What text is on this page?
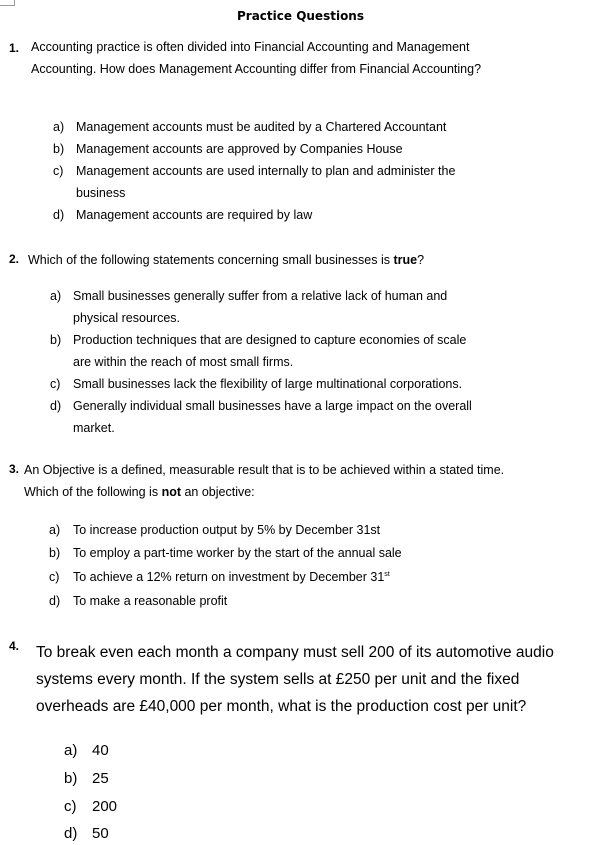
Practice Questions
1. Accounting practice is often divided into Financial Accounting and Management Accounting. How does Management Accounting differ from Financial Accounting?

a) Management accounts must be audited by a Chartered Accountant
b) Management accounts are approved by Companies House
c) Management accounts are used internally to plan and administer the business
d) Management accounts are required by law
2. Which of the following statements concerning small businesses is true?

a) Small businesses generally suffer from a relative lack of human and physical resources.
b) Production techniques that are designed to capture economies of scale are within the reach of most small firms.
c) Small businesses lack the flexibility of large multinational corporations.
d) Generally individual small businesses have a large impact on the overall market.
3. An Objective is a defined, measurable result that is to be achieved within a stated time. Which of the following is not an objective:

a) To increase production output by 5% by December 31st
b) To employ a part-time worker by the start of the annual sale
c) To achieve a 12% return on investment by December 31st
d) To make a reasonable profit
4. To break even each month a company must sell 200 of its automotive audio systems every month. If the system sells at £250 per unit and the fixed overheads are £40,000 per month, what is the production cost per unit?

a) 40
b) 25
c) 200
d) 50
